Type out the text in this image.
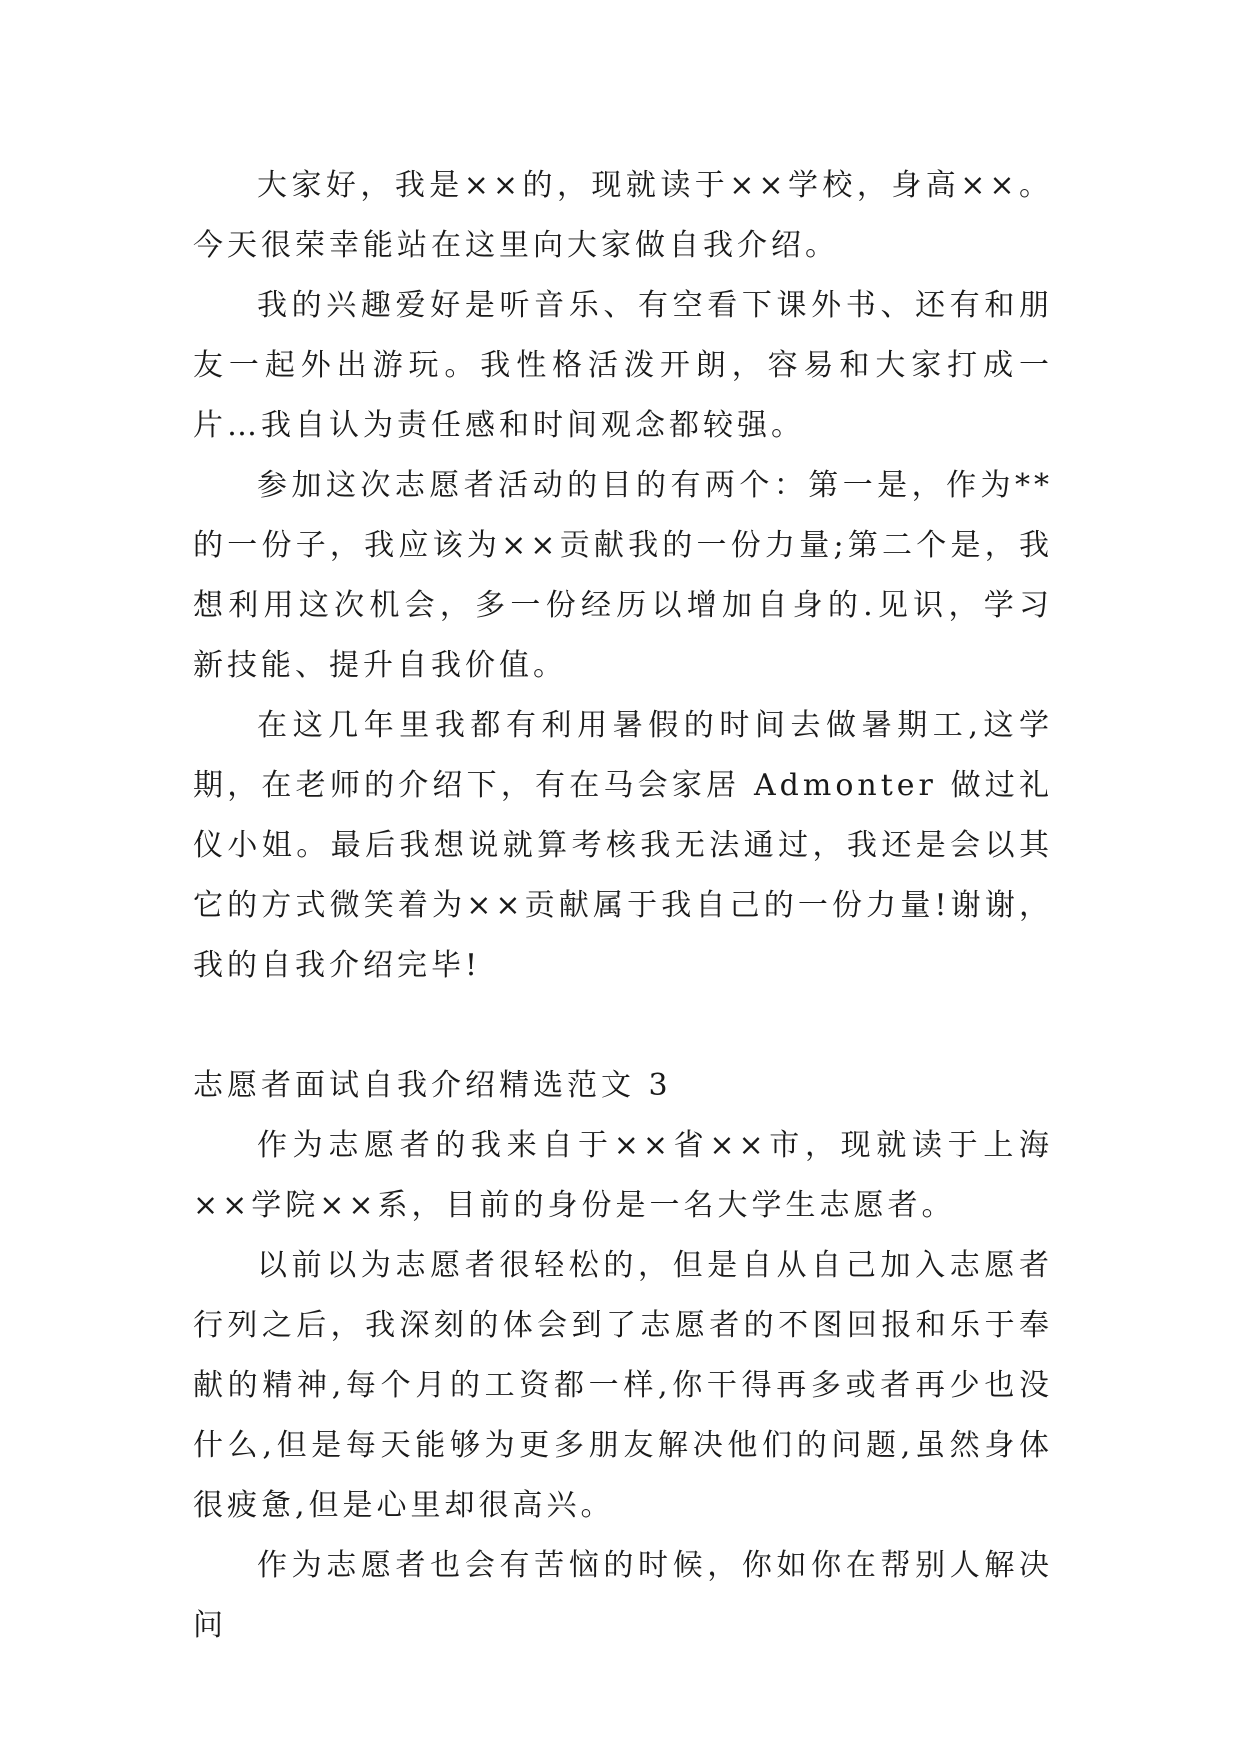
大家好，我是××的，现就读于××学校，身高××。今天很荣幸能站在这里向大家做自我介绍。

我的兴趣爱好是听音乐、有空看下课外书、还有和朋友一起外出游玩。我性格活泼开朗，容易和大家打成一片…我自认为责任感和时间观念都较强。

参加这次志愿者活动的目的有两个：第一是，作为**的一份子，我应该为××贡献我的一份力量;第二个是，我想利用这次机会，多一份经历以增加自身的.见识，学习新技能、提升自我价值。

在这几年里我都有利用暑假的时间去做暑期工,这学期，在老师的介绍下，有在马会家居 Admonter 做过礼仪小姐。最后我想说就算考核我无法通过，我还是会以其它的方式微笑着为××贡献属于我自己的一份力量!谢谢，我的自我介绍完毕!

志愿者面试自我介绍精选范文 3

作为志愿者的我来自于××省××市，现就读于上海××学院××系，目前的身份是一名大学生志愿者。

以前以为志愿者很轻松的，但是自从自己加入志愿者行列之后，我深刻的体会到了志愿者的不图回报和乐于奉献的精神,每个月的工资都一样,你干得再多或者再少也没什么,但是每天能够为更多朋友解决他们的问题,虽然身体很疲惫,但是心里却很高兴。

作为志愿者也会有苦恼的时候，你如你在帮别人解决问
